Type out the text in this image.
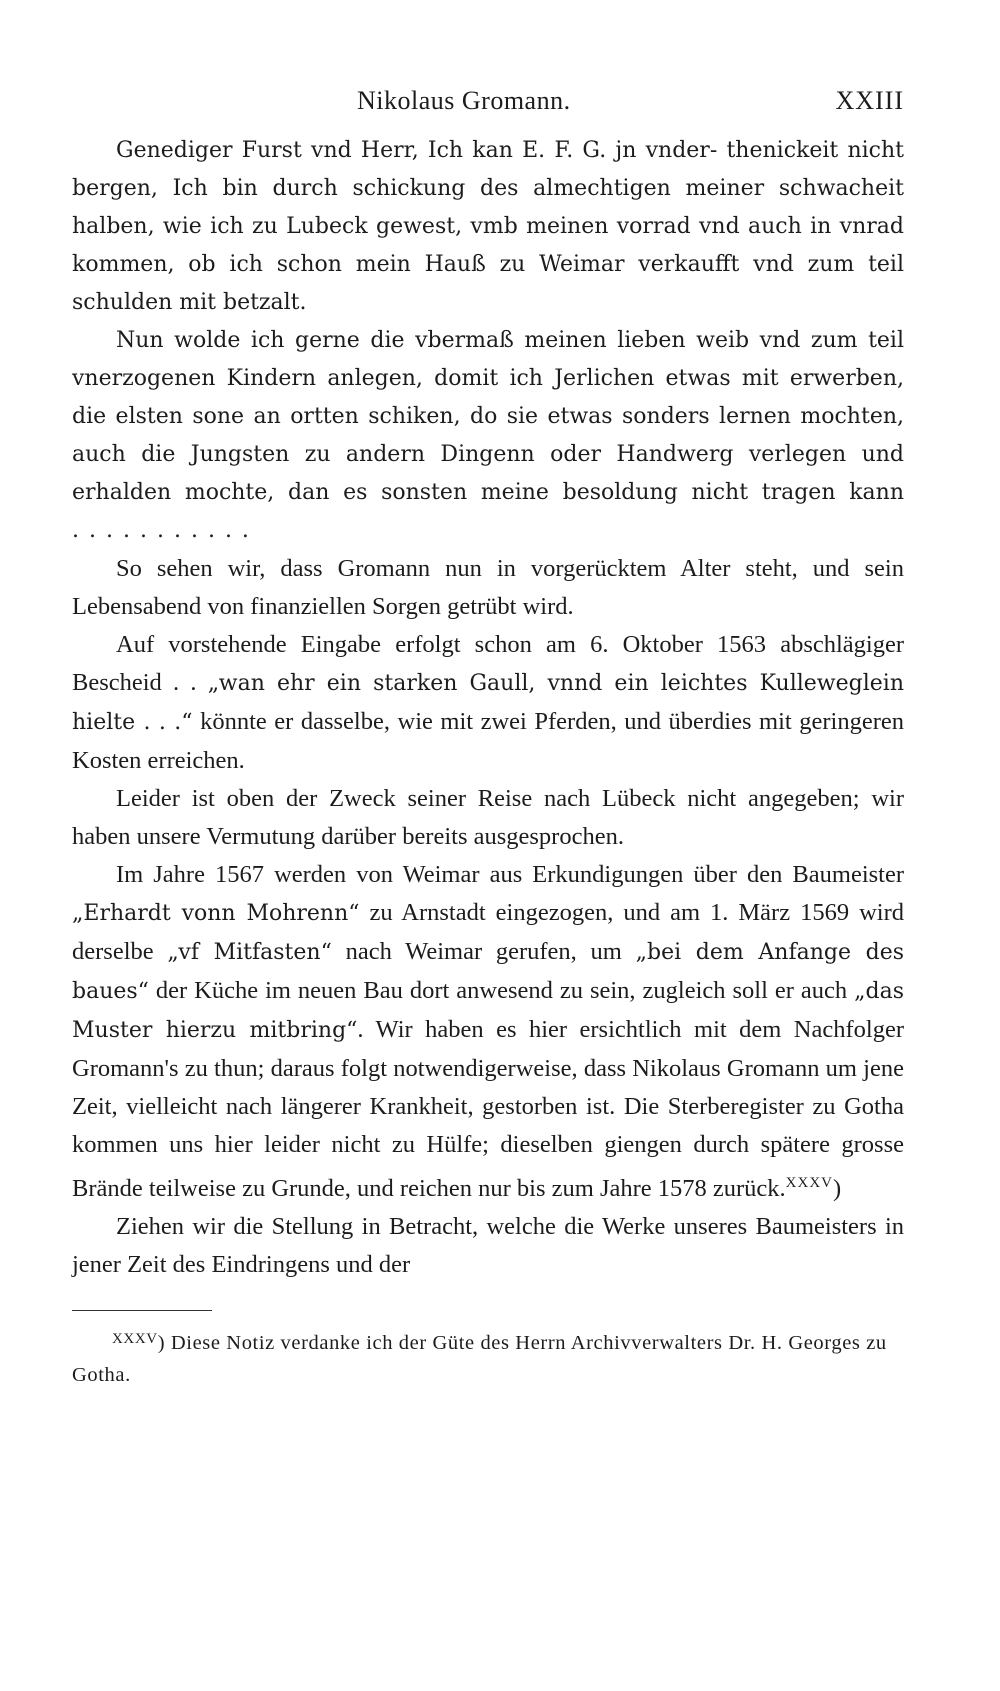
Nikolaus Gromann.	XXIII

Genediger Furst vnd Herr, Ich kan E. F. G. jn vnder- thenickeit nicht bergen, Ich bin durch schickung des almechtigen meiner schwacheit halben, wie ich zu Lubeck gewest, vmb meinen vorrad vnd auch in vnrad kommen, ob ich schon mein Hauß zu Weimar verkaufft vnd zum teil schulden mit betzalt.

Nun wolde ich gerne die vbermaß meinen lieben weib vnd zum teil vnerzogenen Kindern anlegen, domit ich Jerlichen etwas mit erwerben, die elsten sone an ortten schiken, do sie etwas sonders lernen mochten, auch die Jungsten zu andern Dingenn oder Handwerg verlegen und erhalden mochte, dan es sonsten meine besoldung nicht tragen kann ...........

So sehen wir, dass Gromann nun in vorgerücktem Alter steht, und sein Lebensabend von finanziellen Sorgen getrübt wird.

Auf vorstehende Eingabe erfolgt schon am 6. Oktober 1563 abschlägiger Bescheid . . „wan ehr ein starken Gaull, vnnd ein leichtes Kulleweglein hielte . . .“ könnte er dasselbe, wie mit zwei Pferden, und überdies mit geringeren Kosten erreichen.

Leider ist oben der Zweck seiner Reise nach Lübeck nicht angegeben; wir haben unsere Vermutung darüber bereits ausgesprochen.

Im Jahre 1567 werden von Weimar aus Erkundigungen über den Baumeister „Erhardt vonn Mohrenn“ zu Arnstadt eingezogen, und am 1. März 1569 wird derselbe „vf Mitfasten“ nach Weimar gerufen, um „bei dem Anfange des baues“ der Küche im neuen Bau dort anwesend zu sein, zugleich soll er auch „das Muster hierzu mitbring“. Wir haben es hier ersichtlich mit dem Nachfolger Gromann's zu thun; daraus folgt notwendigerweise, dass Nikolaus Gromann um jene Zeit, vielleicht nach längerer Krankheit, gestorben ist. Die Sterberegister zu Gotha kommen uns hier leider nicht zu Hülfe; dieselben giengen durch spätere grosse Brände teilweise zu Grunde, und reichen nur bis zum Jahre 1578 zurück.$^{XXXV}$)

Ziehen wir die Stellung in Betracht, welche die Werke unseres Baumeisters in jener Zeit des Eindringens und der

$^{XXXV}$) Diese Notiz verdanke ich der Güte des Herrn Archivverwalters Dr. H. Georges zu Gotha.
